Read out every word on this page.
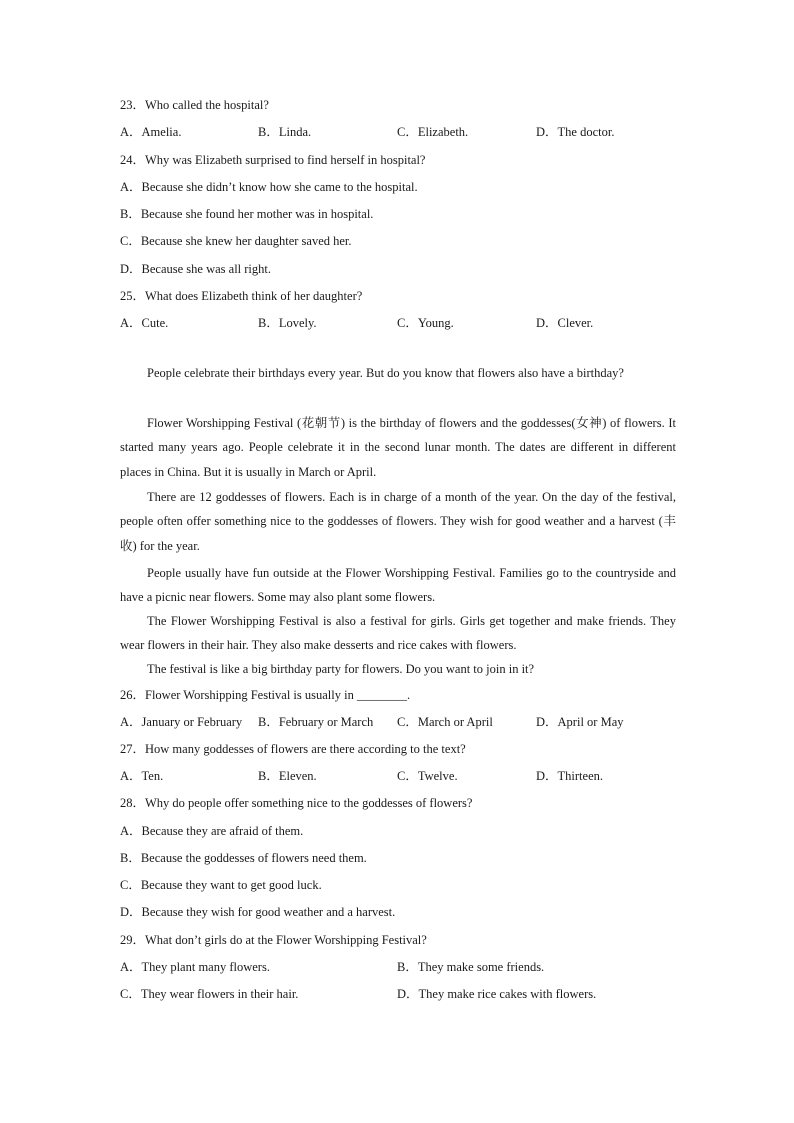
23．Who called the hospital?
A．Amelia.	B．Linda.	C．Elizabeth.	D．The doctor.
24．Why was Elizabeth surprised to find herself in hospital?
A．Because she didn’t know how she came to the hospital.
B．Because she found her mother was in hospital.
C．Because she knew her daughter saved her.
D．Because she was all right.
25．What does Elizabeth think of her daughter?
A．Cute.	B．Lovely.	C．Young.	D．Clever.
People celebrate their birthdays every year. But do you know that flowers also have a birthday?
Flower Worshipping Festival (花朝节) is the birthday of flowers and the goddesses(女神) of flowers. It started many years ago. People celebrate it in the second lunar month. The dates are different in different places in China. But it is usually in March or April.
There are 12 goddesses of flowers. Each is in charge of a month of the year. On the day of the festival, people often offer something nice to the goddesses of flowers. They wish for good weather and a harvest (丰收) for the year.
People usually have fun outside at the Flower Worshipping Festival. Families go to the countryside and have a picnic near flowers. Some may also plant some flowers.
The Flower Worshipping Festival is also a festival for girls. Girls get together and make friends. They wear flowers in their hair. They also make desserts and rice cakes with flowers.
The festival is like a big birthday party for flowers. Do you want to join in it?
26．Flower Worshipping Festival is usually in ________.
A．January or February B．February or March C．March or April	D．April or May
27．How many goddesses of flowers are there according to the text?
A．Ten.	B．Eleven.	C．Twelve.	D．Thirteen.
28．Why do people offer something nice to the goddesses of flowers?
A．Because they are afraid of them.
B．Because the goddesses of flowers need them.
C．Because they want to get good luck.
D．Because they wish for good weather and a harvest.
29．What don’t girls do at the Flower Worshipping Festival?
A．They plant many flowers.	B．They make some friends.
C．They wear flowers in their hair.	D．They make rice cakes with flowers.
